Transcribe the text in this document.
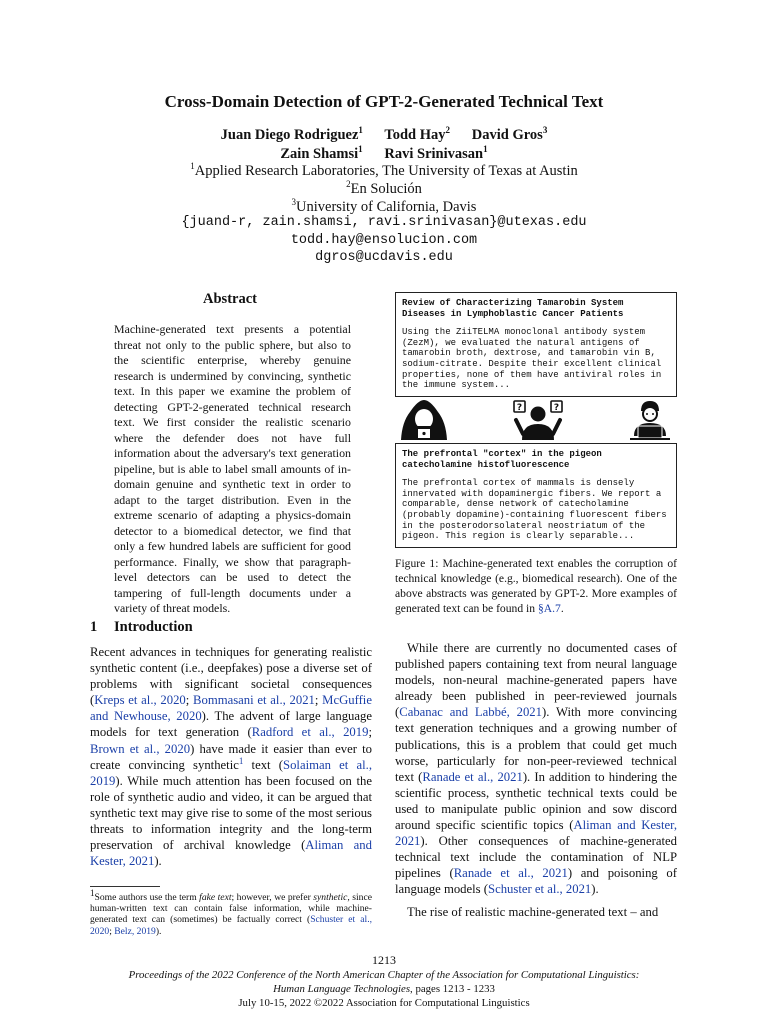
Cross-Domain Detection of GPT-2-Generated Technical Text
Juan Diego Rodriguez$^1$ Todd Hay$^2$ David Gros$^3$
Zain Shamsi$^1$ Ravi Srinivasan$^1$
$^1$Applied Research Laboratories, The University of Texas at Austin
$^2$En Solución
$^3$University of California, Davis
{juand-r, zain.shamsi, ravi.srinivasan}@utexas.edu
todd.hay@ensolucion.com
dgros@ucdavis.edu
Abstract

Machine-generated text presents a potential threat not only to the public sphere, but also to the scientific enterprise, whereby genuine research is undermined by convincing, synthetic text. In this paper we examine the problem of detecting GPT-2-generated technical research text. We first consider the realistic scenario where the defender does not have full information about the adversary's text generation pipeline, but is able to label small amounts of in-domain genuine and synthetic text in order to adapt to the target distribution. Even in the extreme scenario of adapting a physics-domain detector to a biomedical detector, we find that only a few hundred labels are sufficient for good performance. Finally, we show that paragraph-level detectors can be used to detect the tampering of full-length documents under a variety of threat models.

Review of Characterizing Tamarobin System Diseases in Lymphoblastic Cancer Patients
Using the ZiiTELMA monoclonal antibody system (ZezM), we evaluated the natural antigens of tamarobin broth, dextrose, and tamarobin vin B, sodium-citrate. Despite their excellent clinical properties, none of them have antiviral roles in the immune system...
?	?
The prefrontal "cortex" in the pigeon catecholamine histofluorescence
The prefrontal cortex of mammals is densely innervated with dopaminergic fibers. We report a comparable, dense network of catecholamine (probably dopamine)-containing fluorescent fibers in the posterodorsolateral neostriatum of the pigeon. This region is clearly separable...
Figure 1: Machine-generated text enables the corruption of technical knowledge (e.g., biomedical research). One of the above abstracts was generated by GPT-2. More examples of generated text can be found in §A.7.
1 Introduction

Recent advances in techniques for generating realistic synthetic content (i.e., deepfakes) pose a diverse set of problems with significant societal consequences (Kreps et al., 2020; Bommasani et al., 2021; McGuffie and Newhouse, 2020). The advent of large language models for text generation (Radford et al., 2019; Brown et al., 2020) have made it easier than ever to create convincing synthetic$^1$ text (Solaiman et al., 2019). While much attention has been focused on the role of synthetic audio and video, it can be argued that synthetic text may give rise to some of the most serious threats to information integrity and the long-term preservation of archival knowledge (Aliman and Kester, 2021).

While there are currently no documented cases of published papers containing text from neural language models, non-neural machine-generated papers have already been published in peer-reviewed journals (Cabanac and Labbé, 2021). With more convincing text generation techniques and a growing number of publications, this is a problem that could get much worse, particularly for non-peer-reviewed technical text (Ranade et al., 2021). In addition to hindering the scientific process, synthetic technical texts could be used to manipulate public opinion and sow discord around specific scientific topics (Aliman and Kester, 2021). Other consequences of machine-generated technical text include the contamination of NLP pipelines (Ranade et al., 2021) and poisoning of language models (Schuster et al., 2021).

The rise of realistic machine-generated text – and

$^1$Some authors use the term fake text; however, we prefer synthetic, since human-written text can contain false information, while machine-generated text can (sometimes) be factually correct (Schuster et al., 2020; Belz, 2019).
1213
Proceedings of the 2022 Conference of the North American Chapter of the Association for Computational Linguistics:
Human Language Technologies, pages 1213 - 1233
July 10-15, 2022 ©2022 Association for Computational Linguistics
